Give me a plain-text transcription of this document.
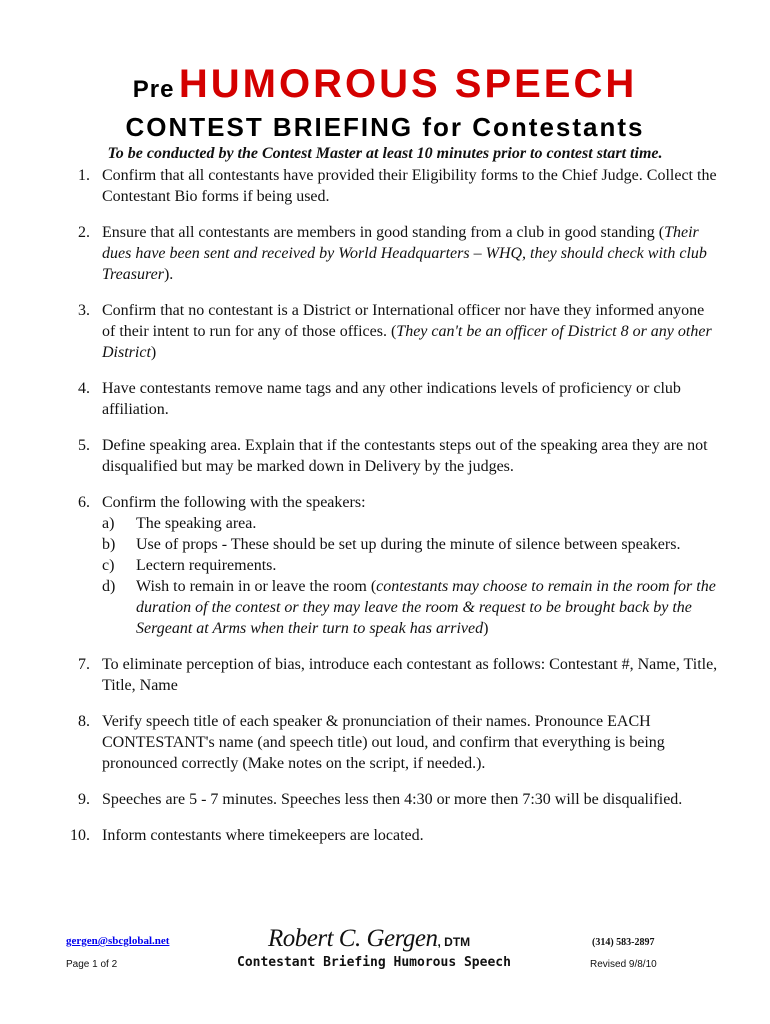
Pre HUMOROUS SPEECH
CONTEST BRIEFING for Contestants
To be conducted by the Contest Master at least 10 minutes prior to contest start time.
1. Confirm that all contestants have provided their Eligibility forms to the Chief Judge. Collect the Contestant Bio forms if being used.
2. Ensure that all contestants are members in good standing from a club in good standing (Their dues have been sent and received by World Headquarters – WHQ, they should check with club Treasurer).
3. Confirm that no contestant is a District or International officer nor have they informed anyone of their intent to run for any of those offices. (They can't be an officer of District 8 or any other District)
4. Have contestants remove name tags and any other indications levels of proficiency or club affiliation.
5. Define speaking area. Explain that if the contestants steps out of the speaking area they are not disqualified but may be marked down in Delivery by the judges.
6. Confirm the following with the speakers:
a) The speaking area.
b) Use of props - These should be set up during the minute of silence between speakers.
c) Lectern requirements.
d) Wish to remain in or leave the room (contestants may choose to remain in the room for the duration of the contest or they may leave the room & request to be brought back by the Sergeant at Arms when their turn to speak has arrived)
7. To eliminate perception of bias, introduce each contestant as follows: Contestant #, Name, Title, Title, Name
8. Verify speech title of each speaker & pronunciation of their names. Pronounce EACH CONTESTANT's name (and speech title) out loud, and confirm that everything is being pronounced correctly (Make notes on the script, if needed.).
9. Speeches are 5 - 7 minutes. Speeches less then 4:30 or more then 7:30 will be disqualified.
10. Inform contestants where timekeepers are located.
gergen@sbcglobal.net	Robert C. Gergen, DTM	(314) 583-2897
Page 1 of 2	Contestant Briefing Humorous Speech	Revised 9/8/10
